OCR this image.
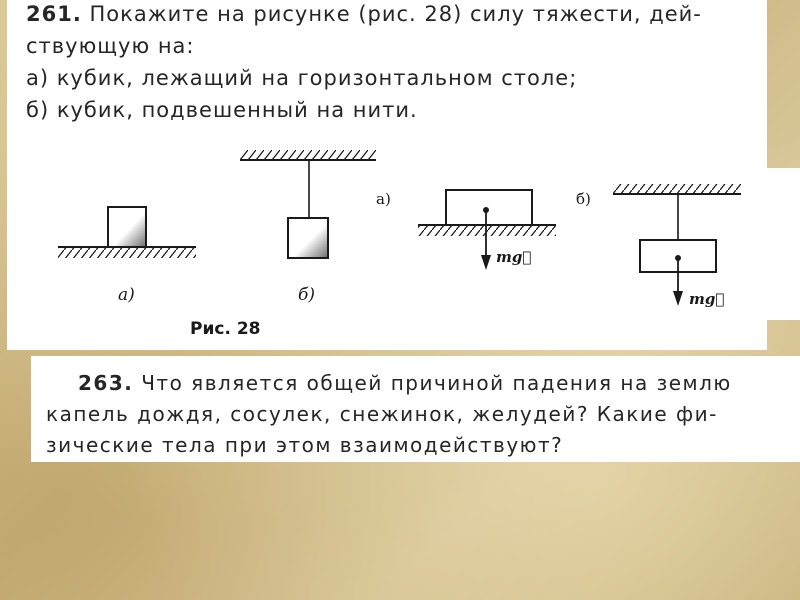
261. Покажите на рисунке (рис. 28) силу тяжести, дей-

ствующую на:

а) кубик, лежащий на горизонтальном столе;

б) кубик, подвешенный на нити.

а)	б)
Рис. 28
а)
mg⃗
б)
mg⃗

263. Что является общей причиной падения на землю

капель дождя, сосулек, снежинок, желудей? Какие фи-

зические тела при этом взаимодействуют?
